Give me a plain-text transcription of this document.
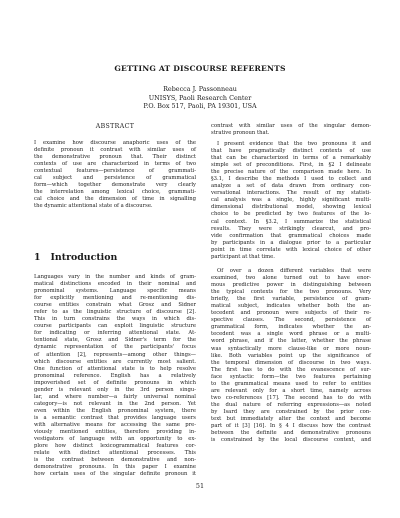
GETTING AT DISCOURSE REFERENTS
Rebecca J. Passonneau
UNISYS, Paoli Research Center
P.O. Box 517, Paoli, PA 19301, USA
ABSTRACT
I examine how discourse anaphoric uses of the
definite pronoun it contrast with similar uses of
the demonstrative pronoun that. Their distinct
contexts of use are characterized in terms of two
contextual features—persistence of grammati-
cal subject and persistence of grammatical
form—which together demonstrate very clearly
the interrelation among lexical choice, grammati-
cal choice and the dimension of time in signalling
the dynamic attentional state of a discourse.
1 Introduction
Languages vary in the number and kinds of gram-
matical distinctions encoded in their nominal and
pronominal systems. Language specific means
for explicitly mentioning and re-mentioning dis-
course entities constrain what Grosz and Sidner
refer to as the linguistic structure of discourse [2].
This in turn constrains the ways in which dis-
course participants can exploit linguistic structure
for indicating or inferring attentional state. At-
tentional state, Grosz and Sidner's term for the
dynamic representation of the participants' focus
of attention [2], represents—among other things—
which discourse entities are currently most salient.
One function of attentional state is to help resolve
pronominal reference. English has a relatively
impoverished set of definite pronouns in which
gender is relevant only in the 3rd person singu-
lar, and where number—a fairly universal nominal
category—is not relevant in the 2nd person. Yet
even within the English pronominal system, there
is a semantic contrast that provides language users
with alternative means for accessing the same pre-
viously mentioned entities, therefore providing in-
vestigators of language with an opportunity to ex-
plore how distinct lexicogrammatical features cor-
relate with distinct attentional processes. This
is the contrast between demonstrative and non-
demonstrative pronouns. In this paper I examine
how certain uses of the singular definite pronoun it
contrast with similar uses of the singular demon-
strative pronoun that.
I present evidence that the two pronouns it and
that have pragmatically distinct contexts of use
that can be characterized in terms of a remarkably
simple set of preconditions. First, in §2 I delineate
the precise nature of the comparison made here. In
§3.1, I describe the methods I used to collect and
analyze a set of data drawn from ordinary con-
versational interactions. The result of my statisti-
cal analysis was a single, highly significant multi-
dimensional distributional model, showing lexical
choice to be predicted by two features of the lo-
cal context. In §3.2, I summarize the statistical
results. They were strikingly clearcut, and pro-
vide confirmation that grammatical choices made
by participants in a dialogue prior to a particular
point in time correlate with lexical choice of other
participant at that time.
Of over a dozen different variables that were
examined, two alone turned out to have enor-
mous predictive power in distinguishing between
the typical contexts for the two pronouns. Very
briefly, the first variable, persistence of gram-
matical subject, indicates whether both the an-
tecedent and pronoun were subjects of their re-
spective clauses. The second, persistence of
grammatical form, indicates whether the an-
tecedent was a single word phrase or a multi-
word phrase, and if the latter, whether the phrase
was syntactically more clause-like or more noun-
like. Both variables point up the significance of
the temporal dimension of discourse in two ways.
The first has to do with the evanescence of sur-
face syntactic form—the two features pertaining
to the grammatical means used to refer to entities
are relevant only for a short time, namely across
two co-references [17]. The second has to do with
the dual nature of referring expressions—as noted
by Isard they are constrained by the prior con-
text but immediately alter the context and become
part of it [3] [16]. In § 4 I discuss how the contrast
between the definite and demonstrative pronouns
is constrained by the local discourse context, and
51
